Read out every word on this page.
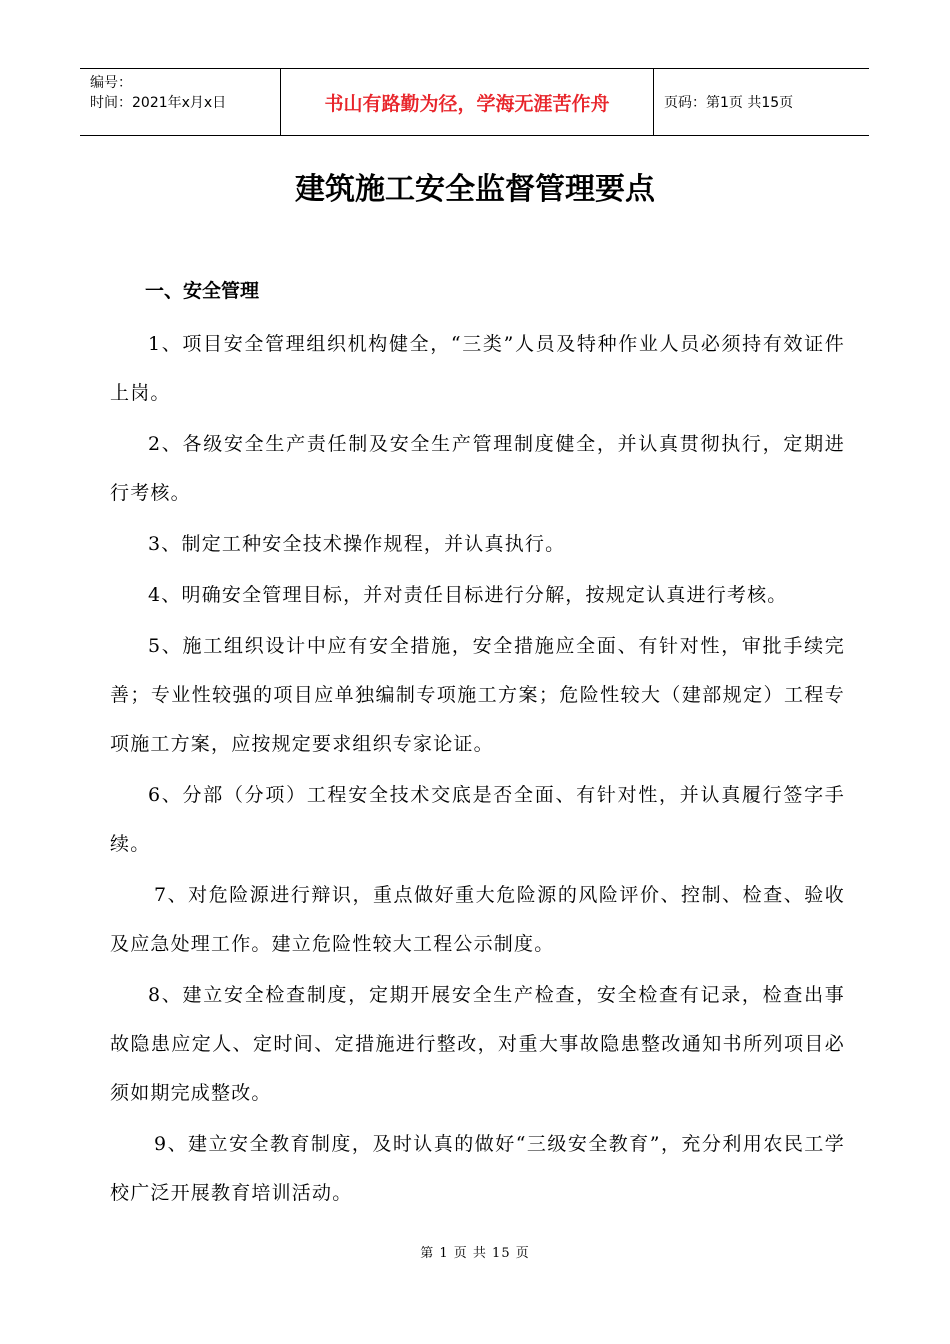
编号：
时间：2021年x月x日	书山有路勤为径，学海无涯苦作舟	页码：第1页 共15页
建筑施工安全监督管理要点
一、安全管理

1、项目安全管理组织机构健全，“三类”人员及特种作业人员必须持有效证件上岗。

2、各级安全生产责任制及安全生产管理制度健全，并认真贯彻执行，定期进行考核。

3、制定工种安全技术操作规程，并认真执行。

4、明确安全管理目标，并对责任目标进行分解，按规定认真进行考核。

5、施工组织设计中应有安全措施，安全措施应全面、有针对性，审批手续完善；专业性较强的项目应单独编制专项施工方案；危险性较大（建部规定）工程专项施工方案，应按规定要求组织专家论证。

6、分部（分项）工程安全技术交底是否全面、有针对性，并认真履行签字手续。

7、对危险源进行辩识，重点做好重大危险源的风险评价、控制、检查、验收及应急处理工作。建立危险性较大工程公示制度。

8、建立安全检查制度，定期开展安全生产检查，安全检查有记录，检查出事故隐患应定人、定时间、定措施进行整改，对重大事故隐患整改通知书所列项目必须如期完成整改。

9、建立安全教育制度，及时认真的做好“三级安全教育”，充分利用农民工学校广泛开展教育培训活动。

第 1 页 共 15 页
